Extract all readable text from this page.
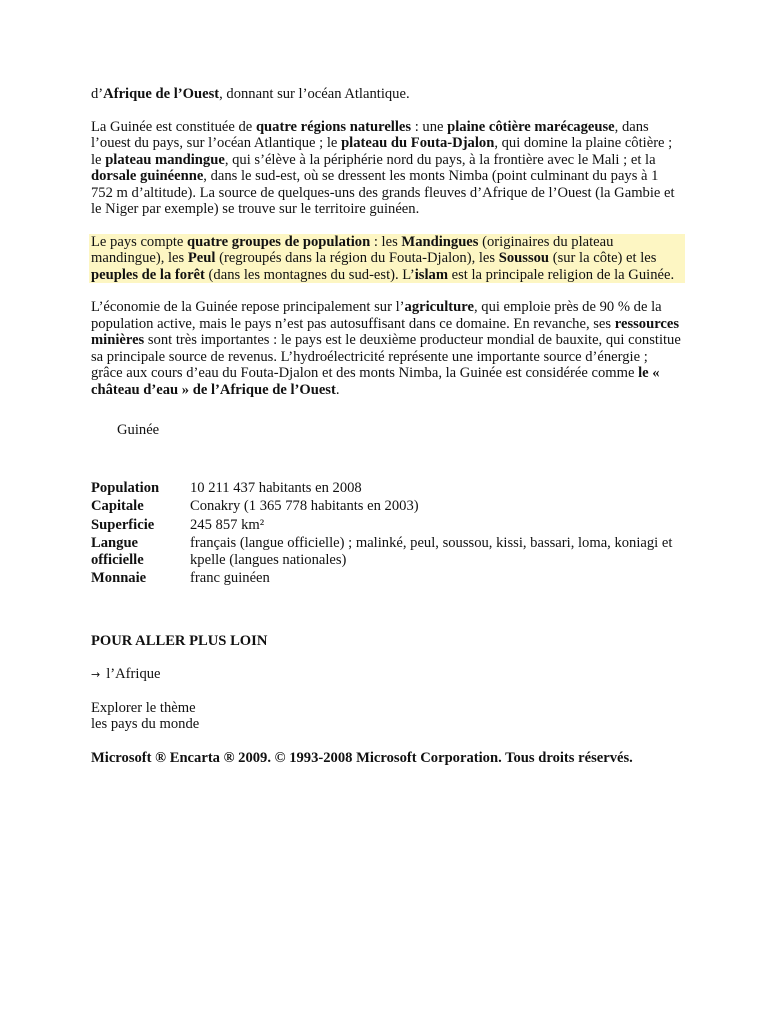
d’Afrique de l’Ouest, donnant sur l’océan Atlantique.

La Guinée est constituée de quatre régions naturelles : une plaine côtière marécageuse, dans l’ouest du pays, sur l’océan Atlantique ; le plateau du Fouta-Djalon, qui domine la plaine côtière ; le plateau mandingue, qui s’élève à la périphérie nord du pays, à la frontière avec le Mali ; et la dorsale guinéenne, dans le sud-est, où se dressent les monts Nimba (point culminant du pays à 1 752 m d’altitude). La source de quelques-uns des grands fleuves d’Afrique de l’Ouest (la Gambie et le Niger par exemple) se trouve sur le territoire guinéen.

Le pays compte quatre groupes de population : les Mandingues (originaires du plateau mandingue), les Peul (regroupés dans la région du Fouta-Djalon), les Soussou (sur la côte) et les peuples de la forêt (dans les montagnes du sud-est). L’islam est la principale religion de la Guinée.

L’économie de la Guinée repose principalement sur l’agriculture, qui emploie près de 90 % de la population active, mais le pays n’est pas autosuffisant dans ce domaine. En revanche, ses ressources minières sont très importantes : le pays est le deuxième producteur mondial de bauxite, qui constitue sa principale source de revenus. L’hydroélectricité représente une importante source d’énergie ; grâce aux cours d’eau du Fouta-Djalon et des monts Nimba, la Guinée est considérée comme le « château d’eau » de l’Afrique de l’Ouest.

Guinée

Population	10 211 437 habitants en 2008
Capitale	Conakry (1 365 778 habitants en 2003)
Superficie	245 857 km²
Langue officielle	français (langue officielle) ; malinké, peul, soussou, kissi, bassari, loma, koniagi et kpelle (langues nationales)
Monnaie	franc guinéen

POUR ALLER PLUS LOIN

→ l’Afrique

Explorer le thème
les pays du monde

Microsoft ® Encarta ® 2009. © 1993-2008 Microsoft Corporation. Tous droits réservés.
